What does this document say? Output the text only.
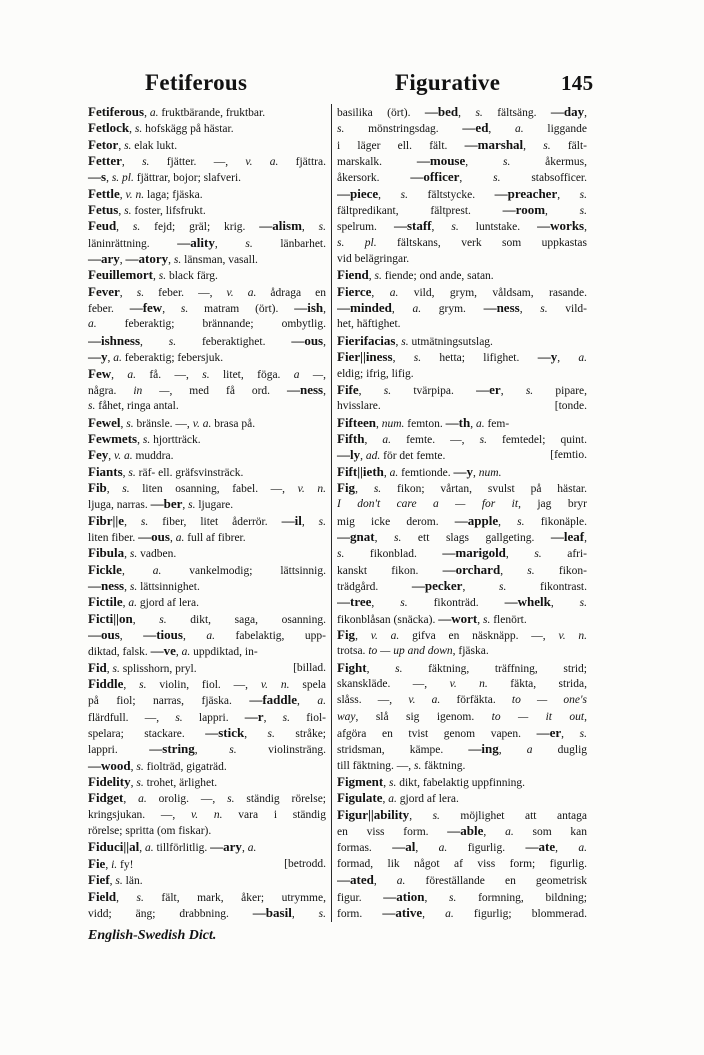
Fetiferous	Figurative	145
Fetiferous, a. fruktbärande, fruktbar.
Fetlock, s. hofskägg på hästar.
Fetor, s. elak lukt.
Fetter, s. fjätter. —, v. a. fjättra.
—s, s. pl. fjättrar, bojor; slafveri.
Fettle, v. n. laga; fjäska.
Fetus, s. foster, lifsfrukt.
Feud, s. fejd; gräl; krig. —alism, s.
läninrättning. —ality, s. länbarhet.
—ary, —atory, s. länsman, vasall.
Feuillemort, s. black färg.
Fever, s. feber. —, v. a. ådraga en
feber. —few, s. matram (ört). —ish,
a. feberaktig; brännande; ombytlig.
—ishness, s. feberaktighet. —ous,
—y, a. feberaktig; febersjuk.
Few, a. få. —, s. litet, föga. a —,
några. in —, med få ord. —ness,
s. fåhet, ringa antal.
Fewel, s. bränsle. —, v. a. brasa på.
Fewmets, s. hjortträck.
Fey, v. a. muddra.
Fiants, s. räf- ell. gräfsvinsträck.
Fib, s. liten osanning, fabel. —, v. n.
ljuga, narras. —ber, s. ljugare.
Fibr||e, s. fiber, litet åderrör. —il, s.
liten fiber. —ous, a. full af fibrer.
Fibula, s. vadben.
Fickle, a. vankelmodig; lättsinnig.
—ness, s. lättsinnighet.
Fictile, a. gjord af lera.
Ficti||on, s. dikt, saga, osanning.
—ous, —tious, a. fabelaktig, upp-
diktad, falsk. —ve, a. uppdiktad, in-
Fid, s. splisshorn, pryl.	[billad.
Fiddle, s. violin, fiol. —, v. n. spela
på fiol; narras, fjäska. —faddle, a.
flärdfull. —, s. lappri. —r, s. fiol-
spelara; stackare. —stick, s. stråke;
lappri. —string, s. violinsträng.
—wood, s. fiolträd, gigaträd.
Fidelity, s. trohet, ärlighet.
Fidget, a. orolig. —, s. ständig rörelse;
kringsjukan. —, v. n. vara i ständig
rörelse; spritta (om fiskar).
Fiduci||al, a. tillförlitlig. —ary, a.
Fie, i. fy!	[betrodd.
Fief, s. län.
Field, s. fält, mark, åker; utrymme,
vidd; äng; drabbning. —basil, s.
basilika (ört). —bed, s. fältsäng. —day,
s. mönstringsdag. —ed, a. liggande
i läger ell. fält. —marshal, s. fält-
marskalk. —mouse, s. åkermus,
åkersork. —officer, s. stabsofficer.
—piece, s. fältstycke. —preacher, s.
fältpredikant, fältprest. —room, s.
spelrum. —staff, s. luntstake. —works,
s. pl. fältskans, verk som uppkastas
vid belägringar.
Fiend, s. fiende; ond ande, satan.
Fierce, a. vild, grym, våldsam, rasande.
—minded, a. grym. —ness, s. vild-
het, häftighet.
Fierifacias, s. utmätningsutslag.
Fier||iness, s. hetta; lifighet. —y, a.
eldig; ifrig, lifig.
Fife, s. tvärpipa. —er, s. pipare,
hvisslare.	[tonde.
Fifteen, num. femton. —th, a. fem-
Fifth, a. femte. —, s. femtedel; quint.
—ly, ad. för det femte.	[femtio.
Fift||ieth, a. femtionde. —y, num.
Fig, s. fikon; vårtan, svulst på hästar.
I don't care a — for it, jag bryr
mig icke derom. —apple, s. fikonäple.
—gnat, s. ett slags gallgeting. —leaf,
s. fikonblad. —marigold, s. afri-
kanskt fikon. —orchard, s. fikon-
trädgård. —pecker, s. fikontrast.
—tree, s. fikonträd. —whelk, s.
fikonblåsan (snäcka). —wort, s. flenört.
Fig, v. a. gifva en näsknäpp. —, v. n.
trotsa. to — up and down, fjäska.
Fight, s. fäktning, träffning, strid;
skanskläde. —, v. n. fäkta, strida,
slåss. —, v. a. förfäkta. to — one's
way, slå sig igenom. to — it out,
afgöra en tvist genom vapen. —er, s.
stridsman, kämpe. —ing, a duglig
till fäktning. —, s. fäktning.
Figment, s. dikt, fabelaktig uppfinning.
Figulate, a. gjord af lera.
Figur||ability, s. möjlighet att antaga
en viss form. —able, a. som kan
formas. —al, a. figurlig. —ate, a.
formad, lik något af viss form; figurlig.
—ated, a. föreställande en geometrisk
figur. —ation, s. formning, bildning;
form. —ative, a. figurlig; blommerad.
English-Swedish Dict.
